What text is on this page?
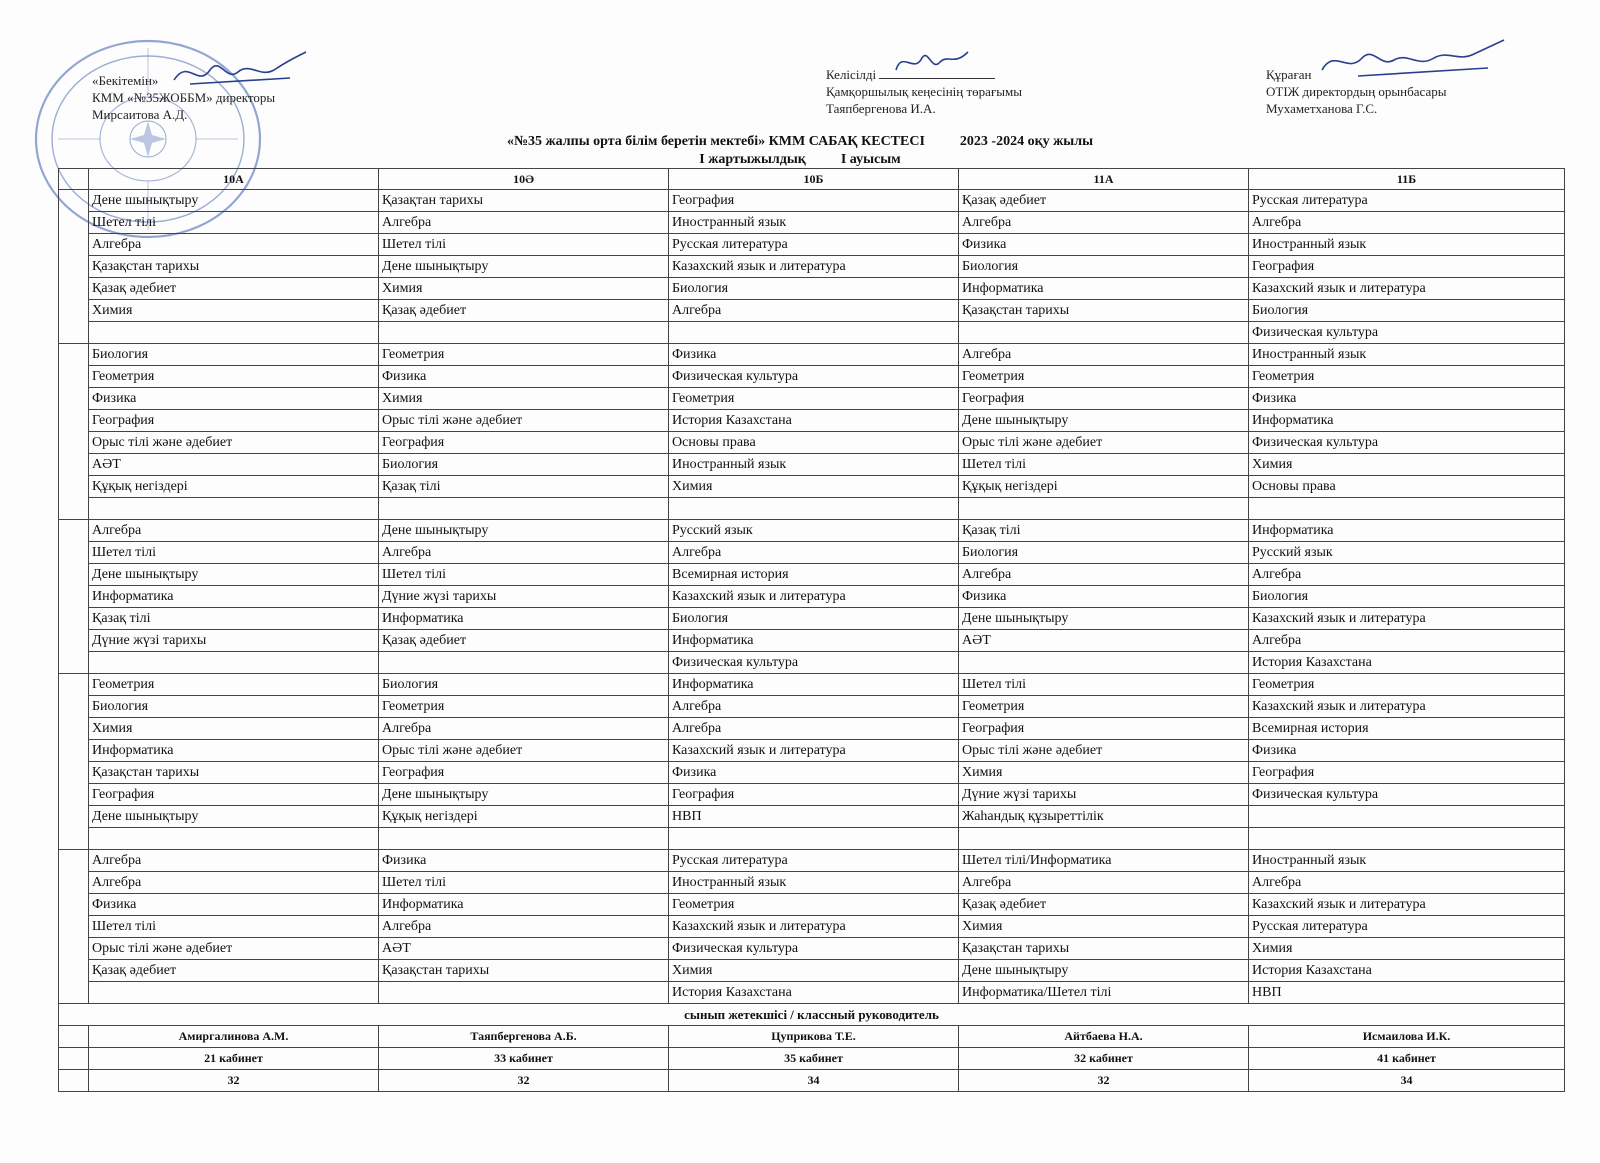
«Бекітемін»
КММ «№35ЖОББМ» директоры
Мирсаитова А.Д.
Келісілді
Қамқоршылық кеңесінің төрағымы
Таяпбергенова И.А.
Құраған
ОТІЖ директордың орынбасары
Мухаметханова Г.С.
«№35 жалпы орта білім беретін мектебі» КММ САБАҚ КЕСТЕСІ	2023 -2024 оқу жылы
I жартыжылдық	I ауысым
	10А	10Ә	10Б	11А	11Б
	Дене шынықтыру	Қазақтан тарихы	География	Қазақ әдебиет	Русская литература
	Шетел тілі	Алгебра	Иностранный язык	Алгебра	Алгебра
	Алгебра	Шетел тілі	Русская литература	Физика	Иностранный язык
	Қазақстан тарихы	Дене шынықтыру	Казахский язык и литература	Биология	География
	Қазақ әдебиет	Химия	Биология	Информатика	Казахский язык и литература
	Химия	Қазақ әдебиет	Алгебра	Қазақстан тарихы	Биология
					Физическая культура
	Биология	Геометрия	Физика	Алгебра	Иностранный язык
	Геометрия	Физика	Физическая культура	Геометрия	Геометрия
	Физика	Химия	Геометрия	География	Физика
	География	Орыс тілі және әдебиет	История Казахстана	Дене шынықтыру	Информатика
	Орыс тілі және әдебиет	География	Основы права	Орыс тілі және әдебиет	Физическая культура
	АӘТ	Биология	Иностранный язык	Шетел тілі	Химия
	Құқық негіздері	Қазақ тілі	Химия	Құқық негіздері	Основы права

	Алгебра	Дене шынықтыру	Русский язык	Қазақ тілі	Информатика
	Шетел тілі	Алгебра	Алгебра	Биология	Русский язык
	Дене шынықтыру	Шетел тілі	Всемирная история	Алгебра	Алгебра
	Информатика	Дүние жүзі тарихы	Казахский язык и литература	Физика	Биология
	Қазақ тілі	Информатика	Биология	Дене шынықтыру	Казахский язык и литература
	Дүние жүзі тарихы	Қазақ әдебиет	Информатика	АӘТ	Алгебра
			Физическая культура		История Казахстана
	Геометрия	Биология	Информатика	Шетел тілі	Геометрия
	Биология	Геометрия	Алгебра	Геометрия	Казахский язык и литература
	Химия	Алгебра	Алгебра	География	Всемирная история
	Информатика	Орыс тілі және әдебиет	Казахский язык и литература	Орыс тілі және әдебиет	Физика
	Қазақстан тарихы	География	Физика	Химия	География
	География	Дене шынықтыру	География	Дүние жүзі тарихы	Физическая культура
	Дене шынықтыру	Құқық негіздері	НВП	Жаһандық құзыреттілік	

	Алгебра	Физика	Русская литература	Шетел тілі/Информатика	Иностранный язык
	Алгебра	Шетел тілі	Иностранный язык	Алгебра	Алгебра
	Физика	Информатика	Геометрия	Қазақ әдебиет	Казахский язык и литература
	Шетел тілі	Алгебра	Казахский язык и литература	Химия	Русская литература
	Орыс тілі және әдебиет	АӘТ	Физическая культура	Қазақстан тарихы	Химия
	Қазақ әдебиет	Қазақстан тарихы	Химия	Дене шынықтыру	История Казахстана
			История Казахстана	Информатика/Шетел тілі	НВП
сынып жетекшісі / классный руководитель					
	Амиргалинова А.М.	Таяпбергенова А.Б.	Цуприкова Т.Е.	Айтбаева Н.А.	Исмаилова И.К.
	21 кабинет	33 кабинет	35 кабинет	32 кабинет	41 кабинет
	32	32	34	32	34
